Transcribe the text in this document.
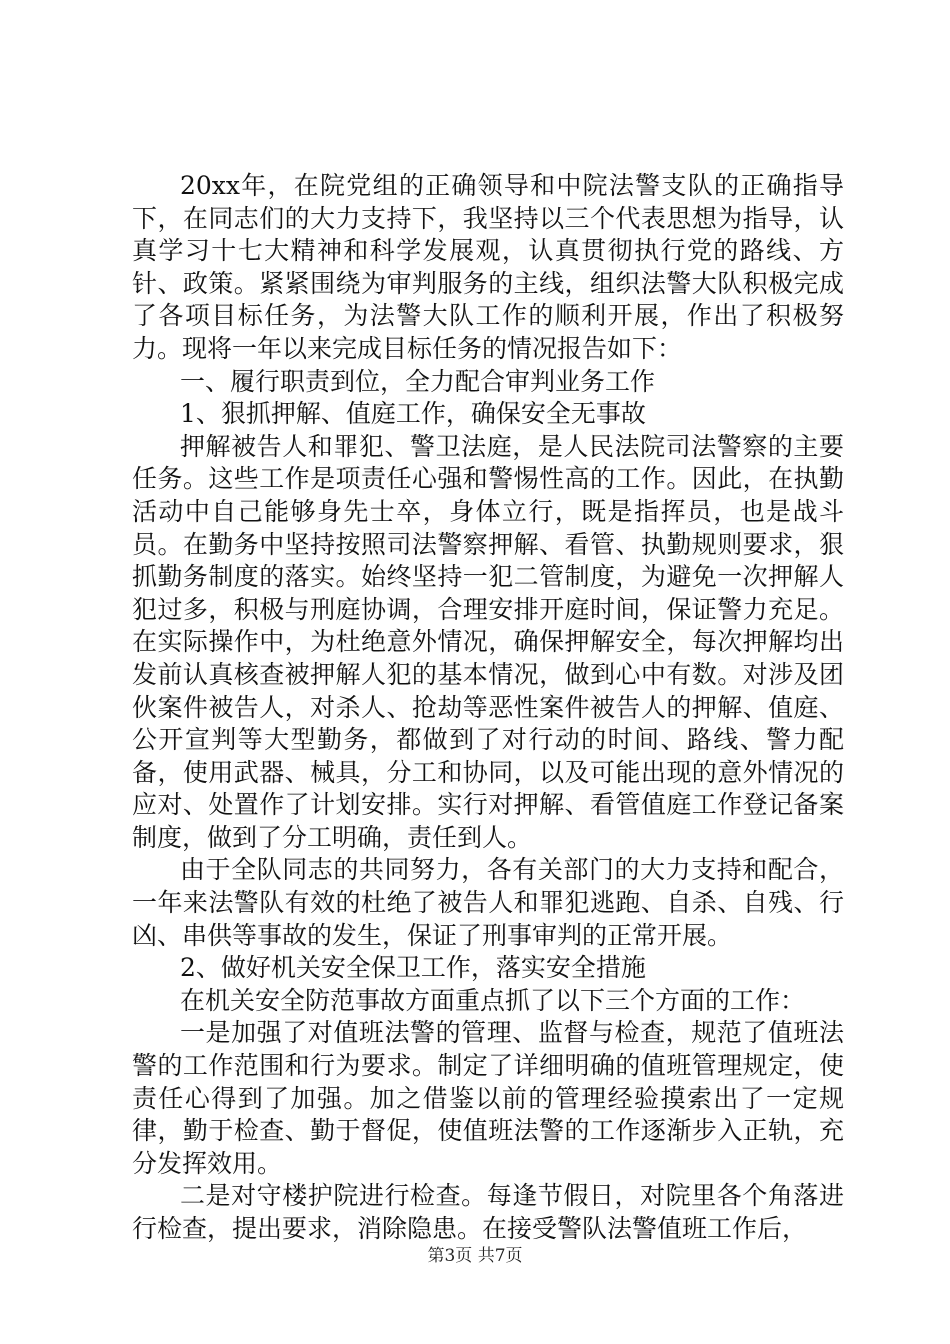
20xx年，在院党组的正确领导和中院法警支队的正确指导下，在同志们的大力支持下，我坚持以三个代表思想为指导，认真学习十七大精神和科学发展观，认真贯彻执行党的路线、方针、政策。紧紧围绕为审判服务的主线，组织法警大队积极完成了各项目标任务，为法警大队工作的顺利开展，作出了积极努力。现将一年以来完成目标任务的情况报告如下：

一、履行职责到位，全力配合审判业务工作

1、狠抓押解、值庭工作，确保安全无事故

押解被告人和罪犯、警卫法庭，是人民法院司法警察的主要任务。这些工作是项责任心强和警惕性高的工作。因此，在执勤活动中自己能够身先士卒，身体立行，既是指挥员，也是战斗员。在勤务中坚持按照司法警察押解、看管、执勤规则要求，狠抓勤务制度的落实。始终坚持一犯二管制度，为避免一次押解人犯过多，积极与刑庭协调，合理安排开庭时间，保证警力充足。在实际操作中，为杜绝意外情况，确保押解安全，每次押解均出发前认真核查被押解人犯的基本情况，做到心中有数。对涉及团伙案件被告人，对杀人、抢劫等恶性案件被告人的押解、值庭、公开宣判等大型勤务，都做到了对行动的时间、路线、警力配备，使用武器、械具，分工和协同，以及可能出现的意外情况的应对、处置作了计划安排。实行对押解、看管值庭工作登记备案制度，做到了分工明确，责任到人。

由于全队同志的共同努力，各有关部门的大力支持和配合，一年来法警队有效的杜绝了被告人和罪犯逃跑、自杀、自残、行凶、串供等事故的发生，保证了刑事审判的正常开展。

2、做好机关安全保卫工作，落实安全措施

在机关安全防范事故方面重点抓了以下三个方面的工作：

一是加强了对值班法警的管理、监督与检查，规范了值班法警的工作范围和行为要求。制定了详细明确的值班管理规定，使责任心得到了加强。加之借鉴以前的管理经验摸索出了一定规律，勤于检查、勤于督促，使值班法警的工作逐渐步入正轨，充分发挥效用。

二是对守楼护院进行检查。每逢节假日，对院里各个角落进行检查，提出要求，消除隐患。在接受警队法警值班工作后，

第3页 共7页
